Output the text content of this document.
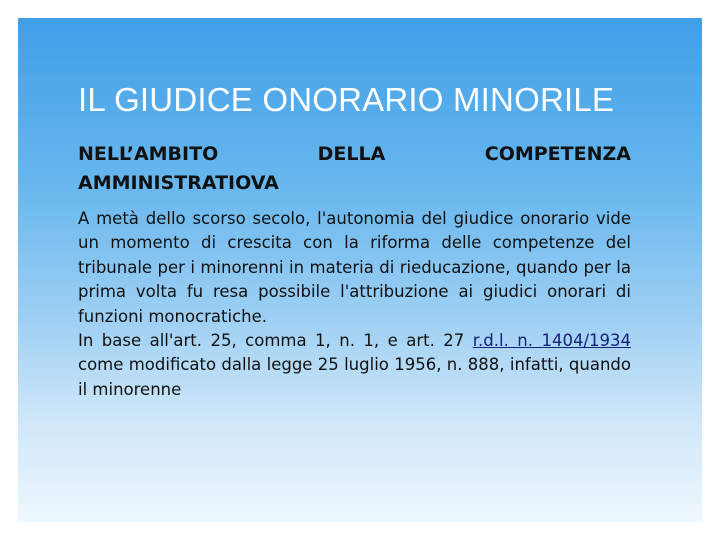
IL GIUDICE ONORARIO MINORILE

NELL’AMBITO DELLA COMPETENZA AMMINISTRATIOVA

A metà dello scorso secolo, l'autonomia del giudice onorario vide un momento di crescita con la riforma delle competenze del tribunale per i minorenni in materia di rieducazione, quando per la prima volta fu resa possibile l'attribuzione ai giudici onorari di funzioni monocratiche.

In base all'art. 25, comma 1, n. 1, e art. 27 r.d.l. n. 1404/1934 come modificato dalla legge 25 luglio 1956, n. 888, infatti, quando il minorenne
